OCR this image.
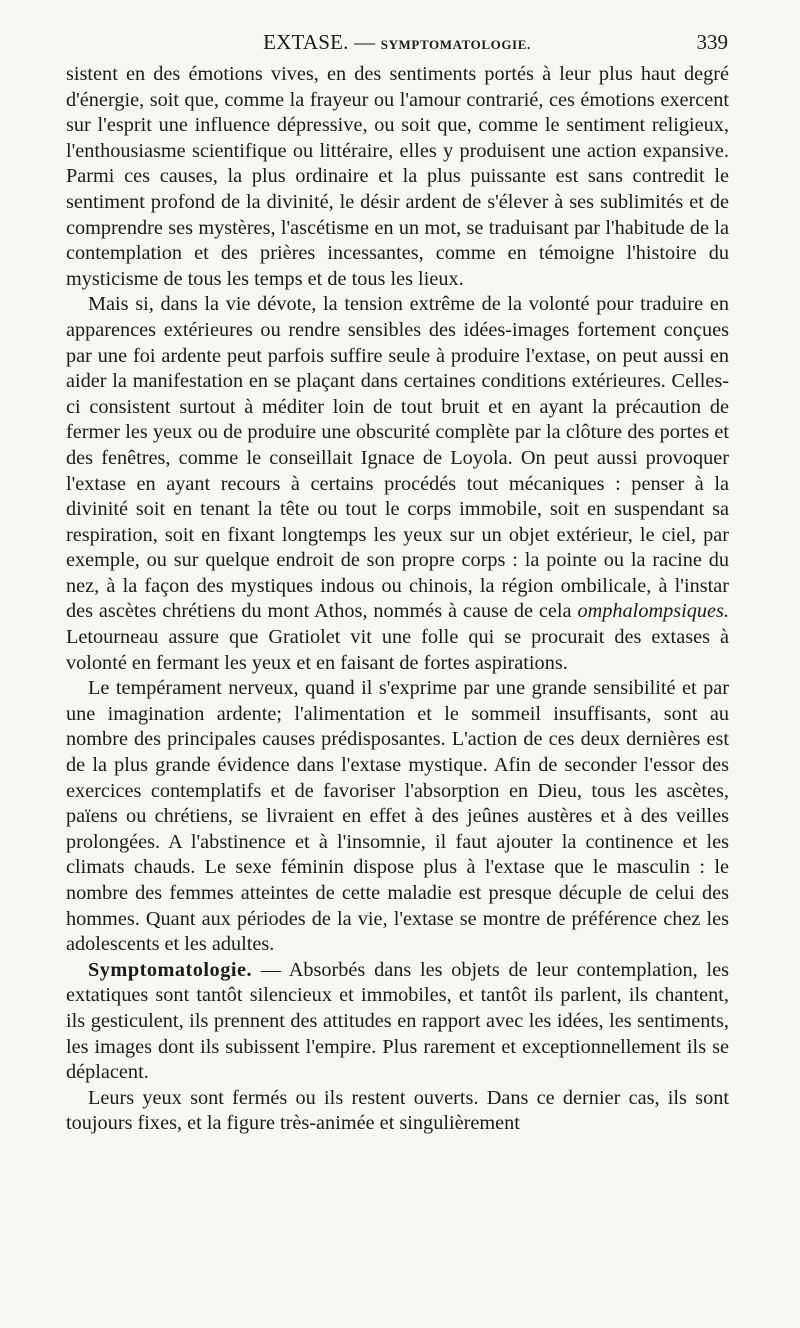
EXTASE. — SYMPTOMATOLOGIE.	339

sistent en des émotions vives, en des sentiments portés à leur plus haut degré d'énergie, soit que, comme la frayeur ou l'amour contrarié, ces émotions exercent sur l'esprit une influence dépressive, ou soit que, comme le sentiment religieux, l'enthousiasme scientifique ou littéraire, elles y produisent une action expansive. Parmi ces causes, la plus ordinaire et la plus puissante est sans contredit le sentiment profond de la divinité, le désir ardent de s'élever à ses sublimités et de comprendre ses mystères, l'ascétisme en un mot, se traduisant par l'habitude de la contemplation et des prières incessantes, comme en témoigne l'histoire du mysticisme de tous les temps et de tous les lieux.

Mais si, dans la vie dévote, la tension extrême de la volonté pour traduire en apparences extérieures ou rendre sensibles des idées-images fortement conçues par une foi ardente peut parfois suffire seule à produire l'extase, on peut aussi en aider la manifestation en se plaçant dans certaines conditions extérieures. Celles-ci consistent surtout à méditer loin de tout bruit et en ayant la précaution de fermer les yeux ou de produire une obscurité complète par la clôture des portes et des fenêtres, comme le conseillait Ignace de Loyola. On peut aussi provoquer l'extase en ayant recours à certains procédés tout mécaniques : penser à la divinité soit en tenant la tête ou tout le corps immobile, soit en suspendant sa respiration, soit en fixant longtemps les yeux sur un objet extérieur, le ciel, par exemple, ou sur quelque endroit de son propre corps : la pointe ou la racine du nez, à la façon des mystiques indous ou chinois, la région ombilicale, à l'instar des ascètes chrétiens du mont Athos, nommés à cause de cela omphalompsiques. Letourneau assure que Gratiolet vit une folle qui se procurait des extases à volonté en fermant les yeux et en faisant de fortes aspirations.

Le tempérament nerveux, quand il s'exprime par une grande sensibilité et par une imagination ardente; l'alimentation et le sommeil insuffisants, sont au nombre des principales causes prédisposantes. L'action de ces deux dernières est de la plus grande évidence dans l'extase mystique. Afin de seconder l'essor des exercices contemplatifs et de favoriser l'absorption en Dieu, tous les ascètes, païens ou chrétiens, se livraient en effet à des jeûnes austères et à des veilles prolongées. A l'abstinence et à l'insomnie, il faut ajouter la continence et les climats chauds. Le sexe féminin dispose plus à l'extase que le masculin : le nombre des femmes atteintes de cette maladie est presque décuple de celui des hommes. Quant aux périodes de la vie, l'extase se montre de préférence chez les adolescents et les adultes.

Symptomatologie. — Absorbés dans les objets de leur contemplation, les extatiques sont tantôt silencieux et immobiles, et tantôt ils parlent, ils chantent, ils gesticulent, ils prennent des attitudes en rapport avec les idées, les sentiments, les images dont ils subissent l'empire. Plus rarement et exceptionnellement ils se déplacent.

Leurs yeux sont fermés ou ils restent ouverts. Dans ce dernier cas, ils sont toujours fixes, et la figure très-animée et singulièrement
